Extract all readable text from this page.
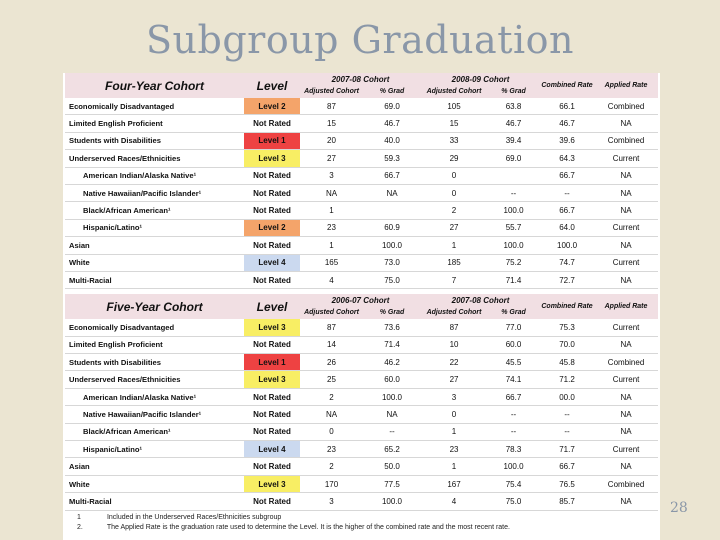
Subgroup Graduation
Four-Year Cohort	Level	2007-08 Cohort		2008-09 Cohort		Combined Rate	Applied Rate
		Adjusted Cohort	% Grad	Adjusted Cohort	% Grad		
Economically Disadvantaged	Level 2	87	69.0	105	63.8	66.1	Combined
Limited English Proficient	Not Rated	15	46.7	15	46.7	46.7	NA
Students with Disabilities	Level 1	20	40.0	33	39.4	39.6	Combined
Underserved Races/Ethnicities	Level 3	27	59.3	29	69.0	64.3	Current
American Indian/Alaska Native¹	Not Rated	3	66.7	0		66.7	NA
Native Hawaiian/Pacific Islander¹	Not Rated	NA	NA	0	--	--	NA
Black/African American¹	Not Rated	1		2	100.0	66.7	NA
Hispanic/Latino¹	Level 2	23	60.9	27	55.7	64.0	Current
Asian	Not Rated	1	100.0	1	100.0	100.0	NA
White	Level 4	165	73.0	185	75.2	74.7	Current
Multi-Racial	Not Rated	4	75.0	7	71.4	72.7	NA
Five-Year Cohort	Level	2006-07 Cohort		2007-08 Cohort		Combined Rate	Applied Rate
		Adjusted Cohort	% Grad	Adjusted Cohort	% Grad		
Economically Disadvantaged	Level 3	87	73.6	87	77.0	75.3	Current
Limited English Proficient	Not Rated	14	71.4	10	60.0	70.0	NA
Students with Disabilities	Level 1	26	46.2	22	45.5	45.8	Combined
Underserved Races/Ethnicities	Level 3	25	60.0	27	74.1	71.2	Current
American Indian/Alaska Native¹	Not Rated	2	100.0	3	66.7	00.0	NA
Native Hawaiian/Pacific Islander¹	Not Rated	NA	NA	0	--	--	NA
Black/African American¹	Not Rated	0	--	1	--	--	NA
Hispanic/Latino¹	Level 4	23	65.2	23	78.3	71.7	Current
Asian	Not Rated	2	50.0	1	100.0	66.7	NA
White	Level 3	170	77.5	167	75.4	76.5	Combined
Multi-Racial	Not Rated	3	100.0	4	75.0	85.7	NA
1	Included in the Underserved Races/Ethnicities subgroup
2.	The Applied Rate is the graduation rate used to determine the Level. It is the higher of the combined rate and the most recent rate.
28
